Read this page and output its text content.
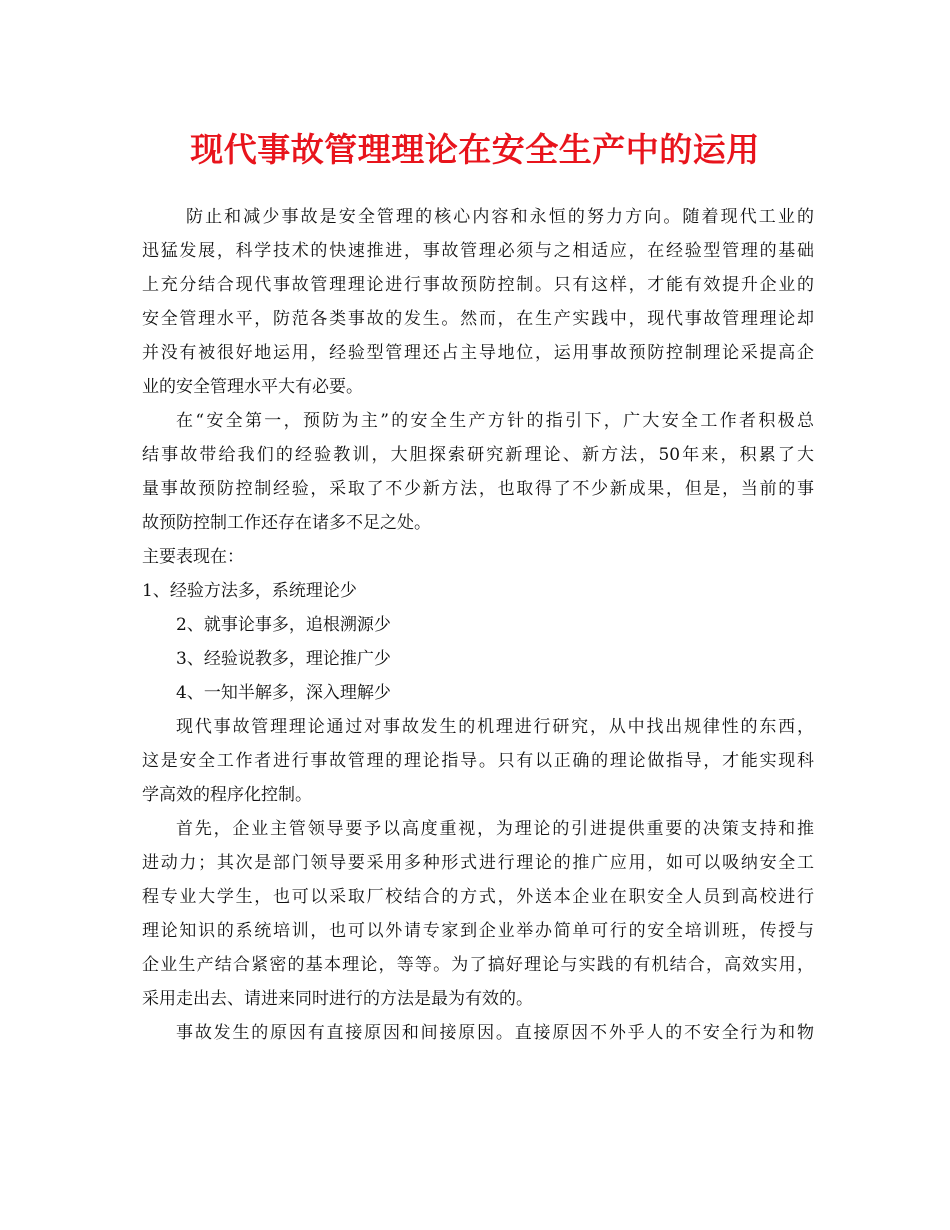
现代事故管理理论在安全生产中的运用
防止和减少事故是安全管理的核心内容和永恒的努力方向。随着现代工业的
迅猛发展，科学技术的快速推进，事故管理必须与之相适应，在经验型管理的基础
上充分结合现代事故管理理论进行事故预防控制。只有这样，才能有效提升企业的
安全管理水平，防范各类事故的发生。然而，在生产实践中，现代事故管理理论却
并没有被很好地运用，经验型管理还占主导地位，运用事故预防控制理论采提高企
业的安全管理水平大有必要。
在“安全第一，预防为主”的安全生产方针的指引下，广大安全工作者积极总
结事故带给我们的经验教训，大胆探索研究新理论、新方法，50年来，积累了大
量事故预防控制经验，采取了不少新方法，也取得了不少新成果，但是，当前的事
故预防控制工作还存在诸多不足之处。
主要表现在：
1、经验方法多，系统理论少
2、就事论事多，追根溯源少
3、经验说教多，理论推广少
4、一知半解多，深入理解少
现代事故管理理论通过对事故发生的机理进行研究，从中找出规律性的东西，
这是安全工作者进行事故管理的理论指导。只有以正确的理论做指导，才能实现科
学高效的程序化控制。
首先，企业主管领导要予以高度重视，为理论的引进提供重要的决策支持和推
进动力；其次是部门领导要采用多种形式进行理论的推广应用，如可以吸纳安全工
程专业大学生，也可以采取厂校结合的方式，外送本企业在职安全人员到高校进行
理论知识的系统培训，也可以外请专家到企业举办简单可行的安全培训班，传授与
企业生产结合紧密的基本理论，等等。为了搞好理论与实践的有机结合，高效实用，
采用走出去、请进来同时进行的方法是最为有效的。
事故发生的原因有直接原因和间接原因。直接原因不外乎人的不安全行为和物
